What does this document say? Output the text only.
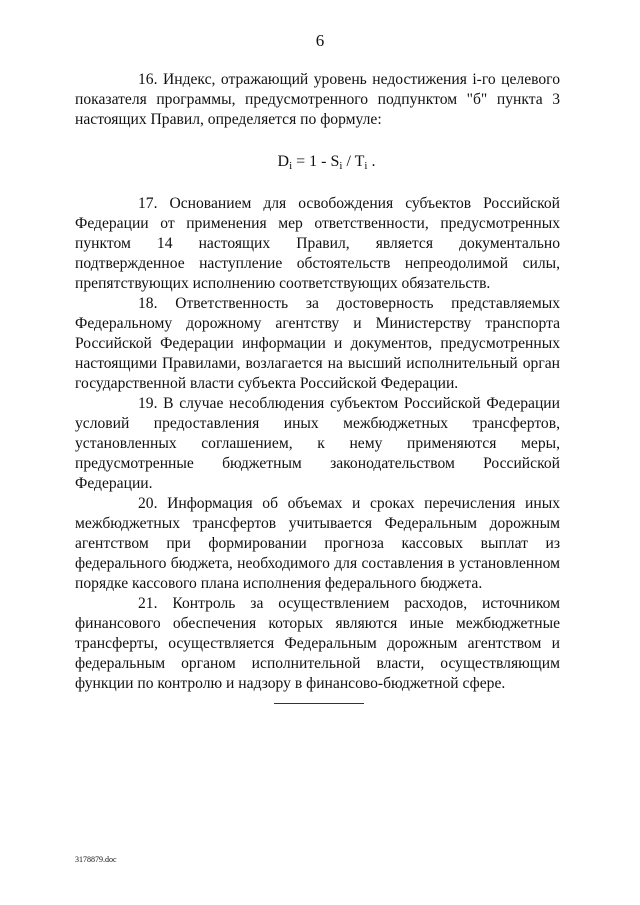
6

16. Индекс, отражающий уровень недостижения i-го целевого показателя программы, предусмотренного подпунктом "б" пункта 3 настоящих Правил, определяется по формуле:

$D_i = 1 - S_i / T_i$ .

17. Основанием для освобождения субъектов Российской Федерации от применения мер ответственности, предусмотренных пунктом 14 настоящих Правил, является документально подтвержденное наступление обстоятельств непреодолимой силы, препятствующих исполнению соответствующих обязательств.

18. Ответственность за достоверность представляемых Федеральному дорожному агентству и Министерству транспорта Российской Федерации информации и документов, предусмотренных настоящими Правилами, возлагается на высший исполнительный орган государственной власти субъекта Российской Федерации.

19. В случае несоблюдения субъектом Российской Федерации условий предоставления иных межбюджетных трансфертов, установленных соглашением, к нему применяются меры, предусмотренные бюджетным законодательством Российской Федерации.

20. Информация об объемах и сроках перечисления иных межбюджетных трансфертов учитывается Федеральным дорожным агентством при формировании прогноза кассовых выплат из федерального бюджета, необходимого для составления в установленном порядке кассового плана исполнения федерального бюджета.

21. Контроль за осуществлением расходов, источником финансового обеспечения которых являются иные межбюджетные трансферты, осуществляется Федеральным дорожным агентством и федеральным органом исполнительной власти, осуществляющим функции по контролю и надзору в финансово-бюджетной сфере.

3178879.doc
